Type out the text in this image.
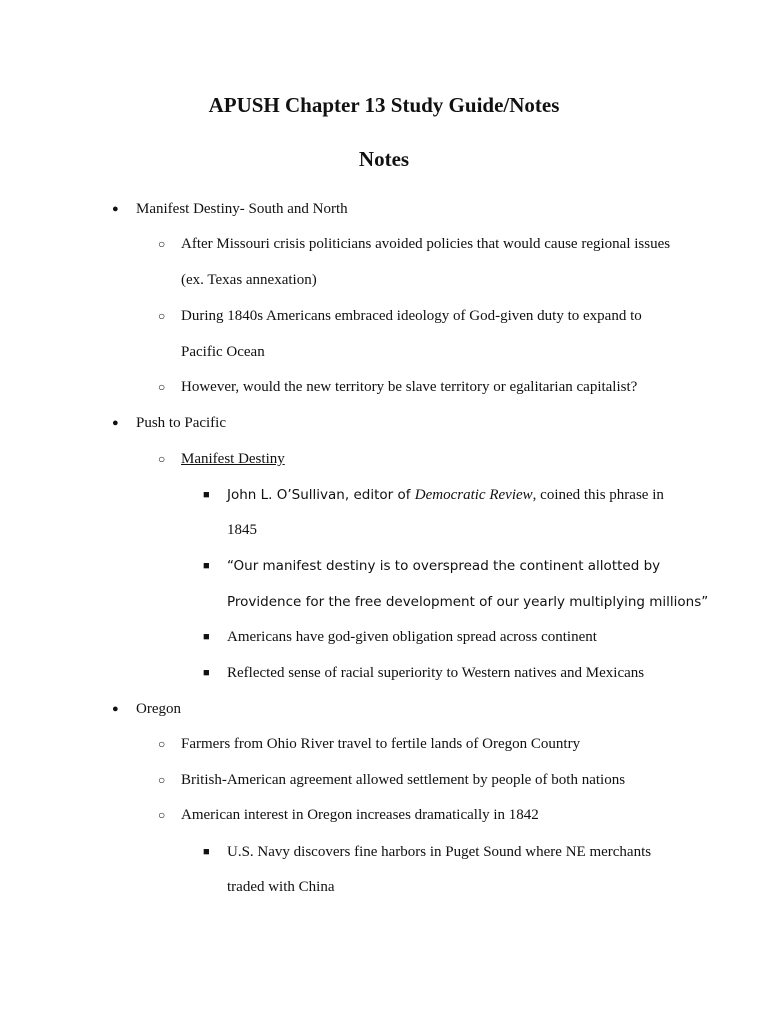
APUSH Chapter 13 Study Guide/Notes
Notes
● Manifest Destiny- South and North

○ After Missouri crisis politicians avoided policies that would cause regional issues

(ex. Texas annexation)

○ During 1840s Americans embraced ideology of God-given duty to expand to

Pacific Ocean

○ However, would the new territory be slave territory or egalitarian capitalist?

● Push to Pacific

○ Manifest Destiny

■ John L. O’Sullivan, editor of Democratic Review, coined this phrase in

1845

■ “Our manifest destiny is to overspread the continent allotted by

Providence for the free development of our yearly multiplying millions”

■ Americans have god-given obligation spread across continent

■ Reflected sense of racial superiority to Western natives and Mexicans

● Oregon

○ Farmers from Ohio River travel to fertile lands of Oregon Country

○ British-American agreement allowed settlement by people of both nations

○ American interest in Oregon increases dramatically in 1842

■ U.S. Navy discovers fine harbors in Puget Sound where NE merchants

traded with China
